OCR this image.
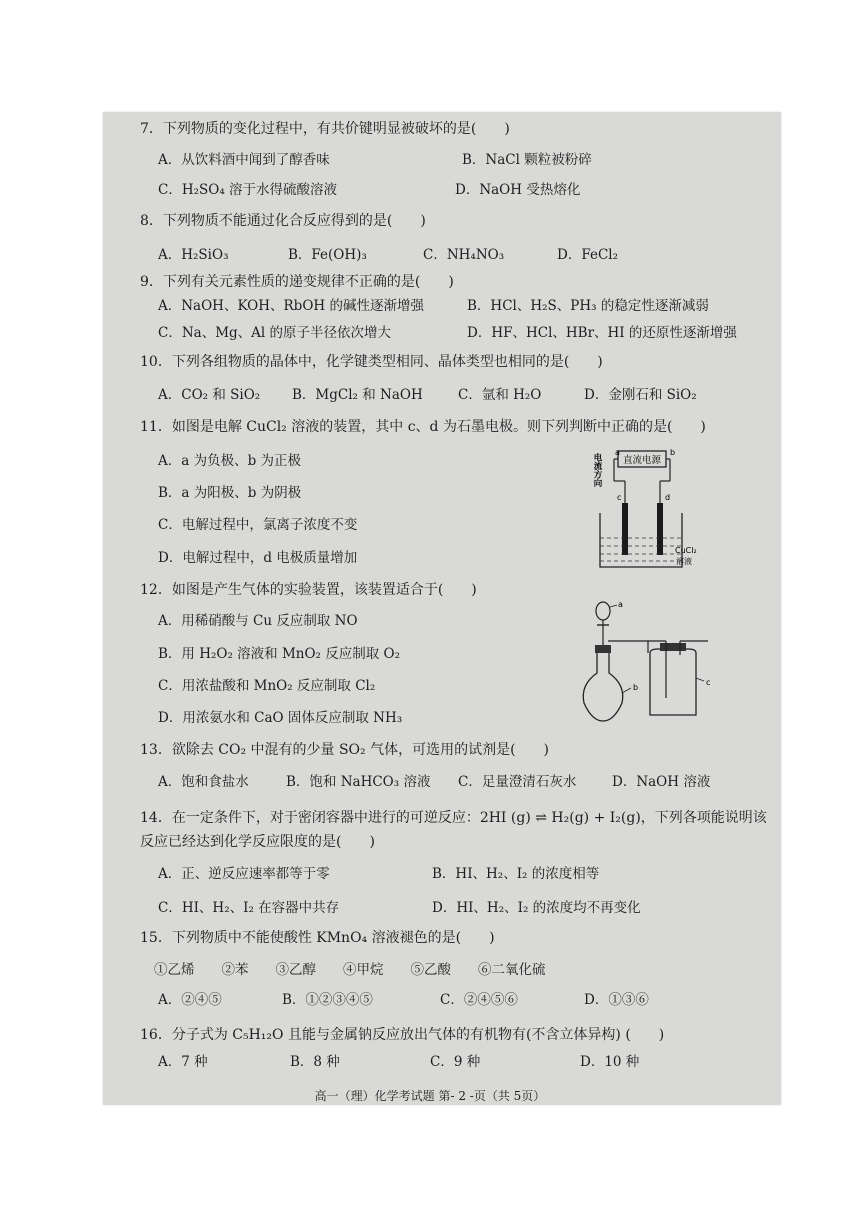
7．下列物质的变化过程中，有共价键明显被破坏的是(　　)
A．从饮料酒中闻到了醇香味	B．NaCl 颗粒被粉碎
C．H₂SO₄ 溶于水得硫酸溶液	D．NaOH 受热熔化
8．下列物质不能通过化合反应得到的是(　　)
A．H₂SiO₃	B．Fe(OH)₃	C．NH₄NO₃	D．FeCl₂
9．下列有关元素性质的递变规律不正确的是(　　)
A．NaOH、KOH、RbOH 的碱性逐渐增强	B．HCl、H₂S、PH₃ 的稳定性逐渐减弱
C．Na、Mg、Al 的原子半径依次增大	D．HF、HCl、HBr、HI 的还原性逐渐增强
10．下列各组物质的晶体中，化学键类型相同、晶体类型也相同的是(　　)
A．CO₂ 和 SiO₂ B．MgCl₂ 和 NaOH	C．氩和 H₂O	D．金刚石和 SiO₂
11．如图是电解 CuCl₂ 溶液的装置，其中 c、d 为石墨电极。则下列判断中正确的是(　　)
A．a 为负极、b 为正极
B．a 为阳极、b 为阴极
C．电解过程中，氯离子浓度不变
D．电解过程中，d 电极质量增加
直流电源
a	b
电流方向
c	d
CuCl₂
溶液
12．如图是产生气体的实验装置，该装置适合于(　　)
A．用稀硝酸与 Cu 反应制取 NO
B．用 H₂O₂ 溶液和 MnO₂ 反应制取 O₂
C．用浓盐酸和 MnO₂ 反应制取 Cl₂
D．用浓氨水和 CaO 固体反应制取 NH₃
a
b
c
13．欲除去 CO₂ 中混有的少量 SO₂ 气体，可选用的试剂是(　　)
A．饱和食盐水	B．饱和 NaHCO₃ 溶液 C．足量澄清石灰水	D．NaOH 溶液
14．在一定条件下，对于密闭容器中进行的可逆反应：2HI (g) ⇌ H₂(g) + I₂(g)，下列各项能说明该
反应已经达到化学反应限度的是(　　)
A．正、逆反应速率都等于零	B．HI、H₂、I₂ 的浓度相等
C．HI、H₂、I₂ 在容器中共存	D．HI、H₂、I₂ 的浓度均不再变化
15．下列物质中不能使酸性 KMnO₄ 溶液褪色的是(　　)
①乙烯　　②苯　　③乙醇　　④甲烷　　⑤乙酸　　⑥二氧化硫
A．②④⑤	B．①②③④⑤	C．②④⑤⑥	D．①③⑥
16．分子式为 C₅H₁₂O 且能与金属钠反应放出气体的有机物有(不含立体异构) (　　)
A．7 种	B．8 种	C．9 种	D．10 种
高一（理）化学考试题 第- 2 -页（共 5页）
